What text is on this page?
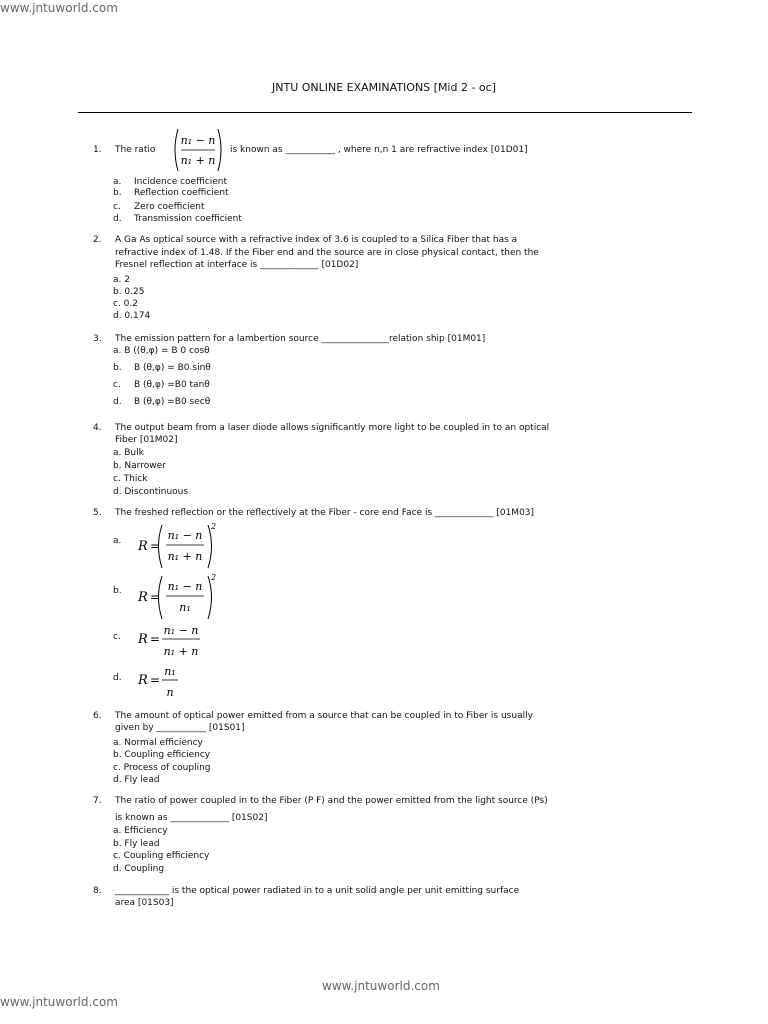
www.jntuworld.com
www.jntuworld.com
www.jntuworld.com
JNTU ONLINE EXAMINATIONS [Mid 2 - oc]
1. The ratio
n₁ − n
n₁ + n
is known as ___________ , where n,n 1 are refractive index [01D01]
a. Incidence coefficient
b. Reflection coefficient
c. Zero coefficient
d. Transmission coefficient
2. A Ga As optical source with a refractive index of 3.6 is coupled to a Silica Fiber that has a
refractive index of 1.48. If the Fiber end and the source are in close physical contact, then the
Fresnel reflection at interface is _____________ [01D02]
a. 2
b. 0.25
c. 0.2
d. 0.174
3. The emission pattern for a lambertion source _______________relation ship [01M01]
a. B ((θ,φ) = B 0 cosθ
b. B (θ,φ) = B0 sinθ
c. B (θ,φ) =B0 tanθ
d. B (θ,φ) =B0 secθ
4. The output beam from a laser diode allows significantly more light to be coupled in to an optical
Fiber [01M02]
a. Bulk
b. Narrower
c. Thick
d. Discontinuous
5. The freshed reflection or the reflectively at the Fiber - core end Face is _____________ [01M03]
a. R =
n₁ − n
n₁ + n
2
b. R =
n₁ − n
n₁
2
c. R =
n₁ − n
n₁ + n
d. R =
n₁
n
6. The amount of optical power emitted from a source that can be coupled in to Fiber is usually
given by ___________ [01S01]
a. Normal efficiency
b. Coupling efficiency
c. Process of coupling
d. Fly lead
7. The ratio of power coupled in to the Fiber (P F) and the power emitted from the light source (Ps)
is known as _____________ [01S02]
a. Efficiency
b. Fly lead
c. Coupling efficiency
d. Coupling
8. ____________ is the optical power radiated in to a unit solid angle per unit emitting surface
area [01S03]
